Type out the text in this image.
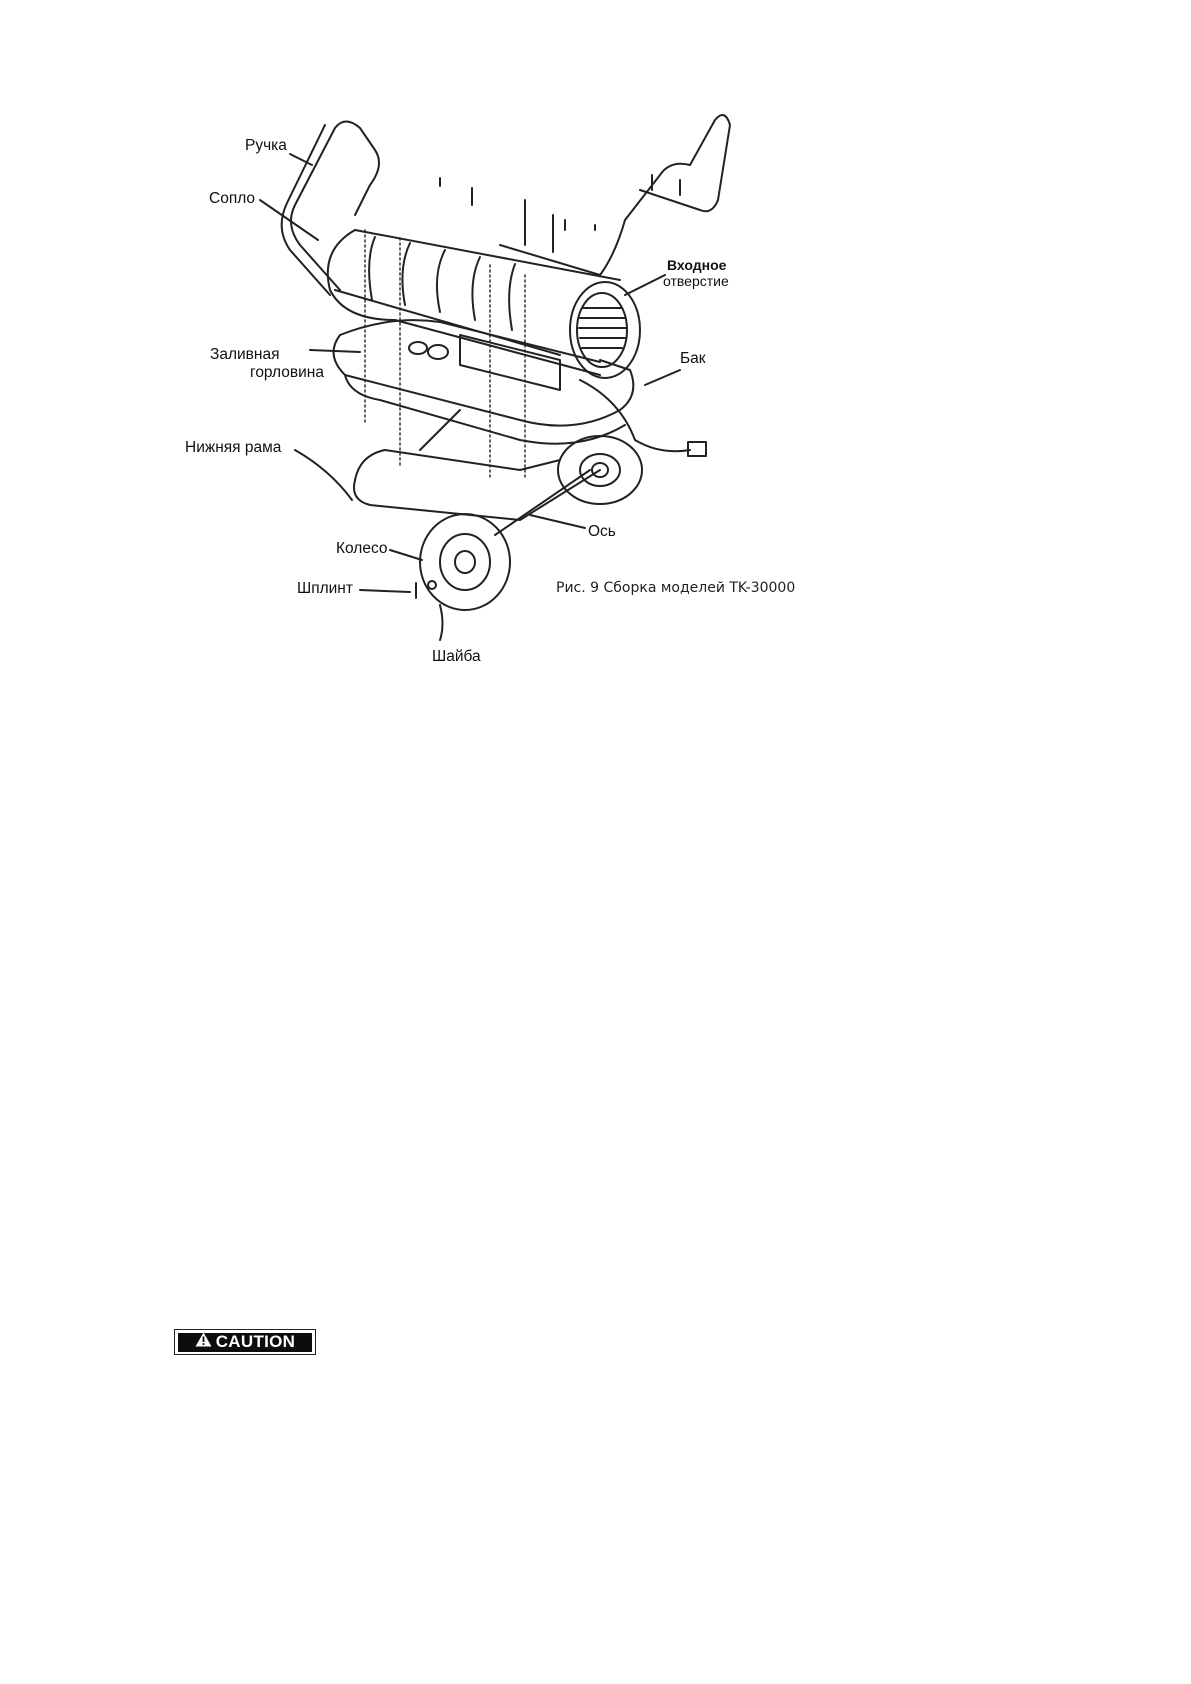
Ручка
Сопло
Входное
отверстие
Заливная
горловина
Бак
Нижняя рама
Ось
Колесо
Шплинт
Шайба
Рис. 9 Сборка моделей TK-30000
CAUTION
